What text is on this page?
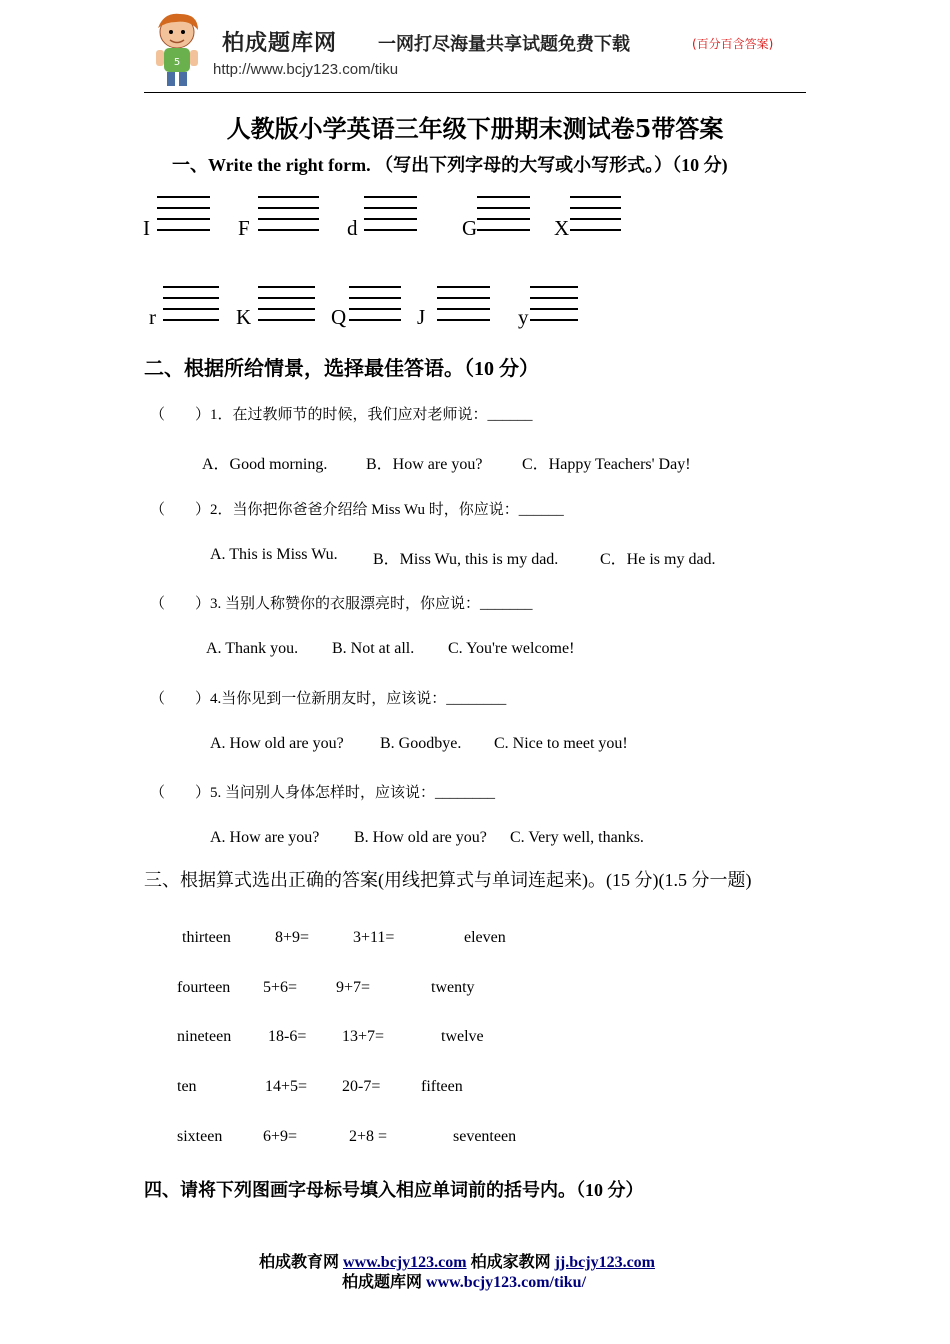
5
柏成题库网 一网打尽海量共享试题免费下载	(百分百含答案)
http://www.bcjy123.com/tiku
人教版小学英语三年级下册期末测试卷5带答案
一、Write the right form. （写出下列字母的大写或小写形式。）（10 分)
I	F	d	G	X
r	K	Q	J	y
二、根据所给情景，选择最佳答语。（10 分）
（　　）1．在过教师节的时候，我们应对老师说：______
A．Good morning. B．How are you? C．Happy Teachers' Day!
（　　）2．当你把你爸爸介绍给 Miss Wu 时，你应说：______
A. This is Miss Wu. B．Miss Wu, this is my dad.	C．He is my dad.
（　　）3. 当别人称赞你的衣服漂亮时，你应说：_______
A. Thank you. B. Not at all. C. You're welcome!
（　　）4.当你见到一位新朋友时，应该说：________
A. How old are you? B. Goodbye. C. Nice to meet you!
（　　）5. 当问别人身体怎样时，应该说：________
A. How are you? B. How old are you? C. Very well, thanks.
三、根据算式选出正确的答案(用线把算式与单词连起来)。(15 分)(1.5 分一题)
thirteen	8+9=	3+11=	eleven
fourteen 5+6= 9+7=	twenty
nineteen 18-6= 13+7=	twelve
ten	14+5= 20-7=	fifteen
sixteen	6+9=	2+8 =	seventeen
四、请将下列图画字母标号填入相应单词前的括号内。（10 分）
柏成教育网 www.bcjy123.com 柏成家教网 jj.bcjy123.com
柏成题库网 www.bcjy123.com/tiku/
